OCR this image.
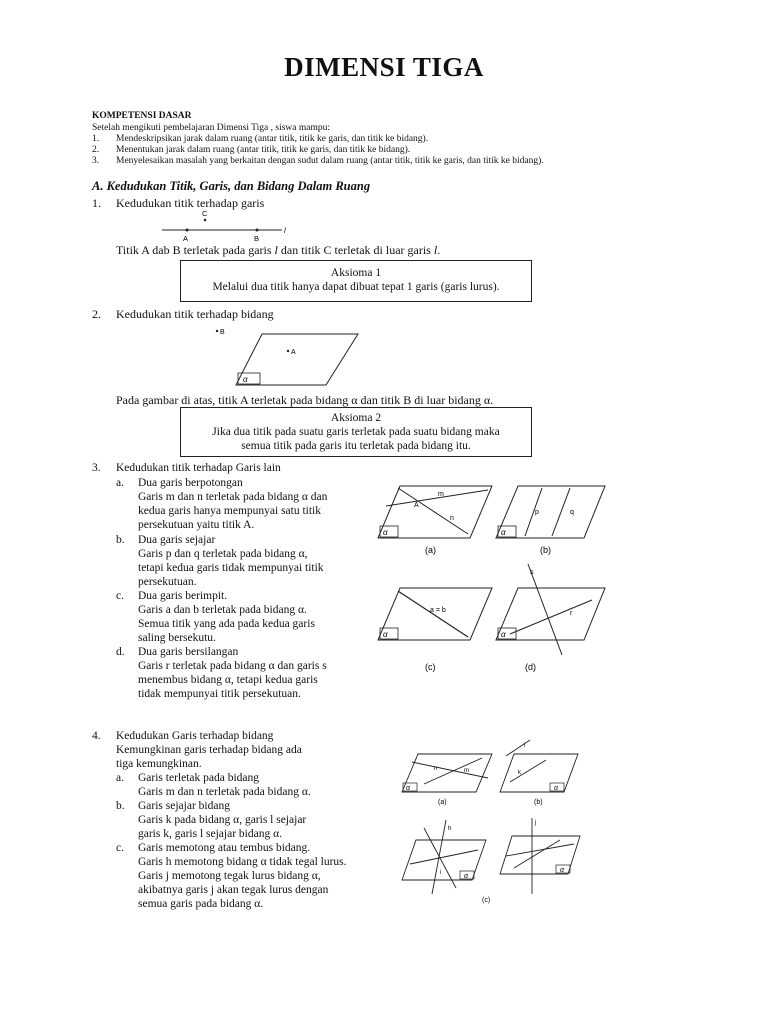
DIMENSI TIGA
KOMPETENSI DASAR
Setelah mengikuti pembelajaran Dimensi Tiga , siswa mampu:
1. Mendeskripsikan jarak dalam ruang (antar titik, titik ke garis, dan titik ke bidang).
2. Menentukan jarak dalam ruang (antar titik, titik ke garis, dan titik ke bidang).
3. Menyelesaikan masalah yang berkaitan dengan sudut dalam ruang (antar titik, titik ke garis, dan titik ke bidang).
A. Kedudukan Titik, Garis, dan Bidang Dalam Ruang
1. Kedudukan titik terhadap garis
C
A	B
l
Titik A dab B terletak pada garis l dan titik C terletak di luar garis l.
Aksioma 1
Melalui dua titik hanya dapat dibuat tepat 1 garis (garis lurus).
2. Kedudukan titik terhadap bidang
B
A
α
Pada gambar di atas, titik A terletak pada bidang α dan titik B di luar bidang α.
Aksioma 2
Jika dua titik pada suatu garis terletak pada suatu bidang maka
semua titik pada garis itu terletak pada bidang itu.
3. Kedudukan titik terhadap Garis lain
a. Dua garis berpotongan
Garis m dan n terletak pada bidang α dan
kedua garis hanya mempunyai satu titik
persekutuan yaitu titik A.
b. Dua garis sejajar
Garis p dan q terletak pada bidang α,
tetapi kedua garis tidak mempunyai titik
persekutuan.
c. Dua garis berimpit.
Garis a dan b terletak pada bidang α.
Semua titik yang ada pada kedua garis
saling bersekutu.
d. Dua garis bersilangan
Garis r terletak pada bidang α dan garis s
menembus bidang α, tetapi kedua garis
tidak mempunyai titik persekutuan.
m
A
n
α
(a)
p	q
α
(b)
a = b
α
(c)
s
r
α
(d)
4. Kedudukan Garis terhadap bidang
Kemungkinan garis terhadap bidang ada
tiga kemungkinan.
a. Garis terletak pada bidang
Garis m dan n terletak pada bidang α.
b. Garis sejajar bidang
Garis k pada bidang α, garis l sejajar
garis k, garis l sejajar bidang α.
c. Garis memotong atau tembus bidang.
Garis h memotong bidang α tidak tegal lurus.
Garis j memotong tegak lurus bidang α,
akibatnya garis j akan tegak lurus dengan
semua garis pada bidang α.
n	m
α
(a)
l
k
α
(b)
h
i	α
j
α
(c)
